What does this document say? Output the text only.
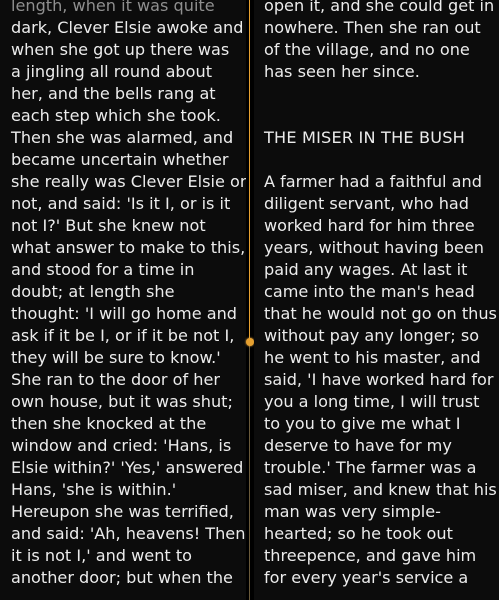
length, when it was quite
dark, Clever Elsie awoke and
when she got up there was
a jingling all round about
her, and the bells rang at
each step which she took.
Then she was alarmed, and
became uncertain whether
she really was Clever Elsie or
not, and said: 'Is it I, or is it
not I?' But she knew not
what answer to make to this,
and stood for a time in
doubt; at length she
thought: 'I will go home and
ask if it be I, or if it be not I,
they will be sure to know.'
She ran to the door of her
own house, but it was shut;
then she knocked at the
window and cried: 'Hans, is
Elsie within?' 'Yes,' answered
Hans, 'she is within.'
Hereupon she was terrified,
and said: 'Ah, heavens! Then
it is not I,' and went to
another door; but when the
open it, and she could get in
nowhere. Then she ran out
of the village, and no one
has seen her since.
THE MISER IN THE BUSH
A farmer had a faithful and
diligent servant, who had
worked hard for him three
years, without having been
paid any wages. At last it
came into the man's head
that he would not go on thus
without pay any longer; so
he went to his master, and
said, 'I have worked hard for
you a long time, I will trust
to you to give me what I
deserve to have for my
trouble.' The farmer was a
sad miser, and knew that his
man was very simple-
hearted; so he took out
threepence, and gave him
for every year's service a
